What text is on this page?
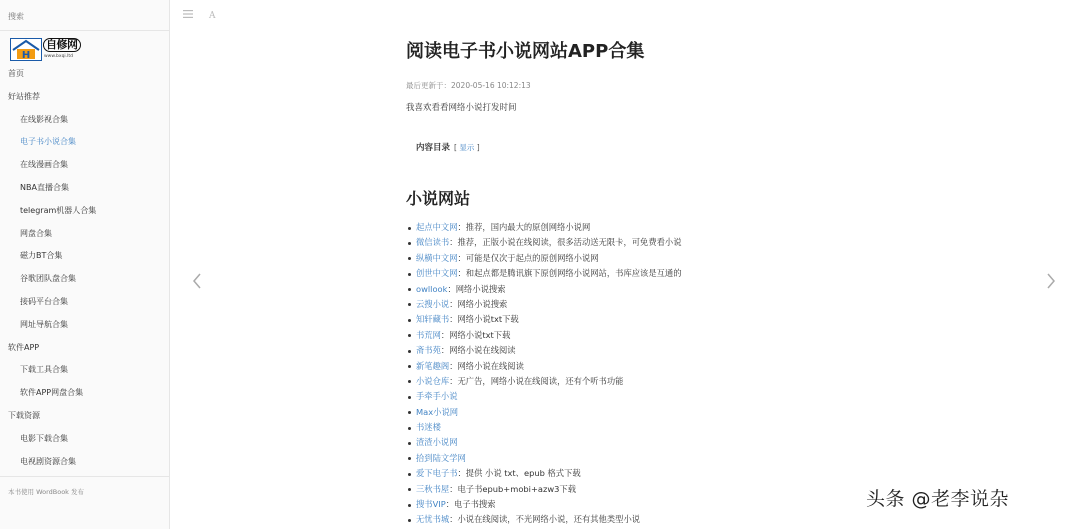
搜索
H
自修网
www.bxqi.ltd
首页
好站推荐
在线影视合集
电子书小说合集
在线漫画合集
NBA直播合集
telegram机器人合集
网盘合集
磁力BT合集
谷歌团队盘合集
接码平台合集
网址导航合集
软件APP
下载工具合集
软件APP网盘合集
下载资源
电影下载合集
电视剧资源合集
本书使用 WordBook 发布
A
阅读电子书小说网站APP合集
最后更新于：2020-05-16 10:12:13
我喜欢看看网络小说打发时间
内容目录 [ 显示 ]
小说网站
起点中文网：推荐，国内最大的原创网络小说网
微信读书：推荐，正版小说在线阅读，很多活动送无限卡，可免费看小说
纵横中文网：可能是仅次于起点的原创网络小说网
创世中文网：和起点都是腾讯旗下原创网络小说网站，书库应该是互通的
owllook：网络小说搜索
云搜小说：网络小说搜索
知轩藏书：网络小说txt下载
书荒网：网络小说txt下载
斋书苑：网络小说在线阅读
新笔趣阁：网络小说在线阅读
小说仓库：无广告，网络小说在线阅读，还有个听书功能
手牵手小说
Max小说网
书迷楼
渣渣小说网
拾到陆文学网
爱下电子书：提供 小说 txt、epub 格式下载
三秋书屋：电子书epub+mobi+azw3下载
搜书VIP：电子书搜索
无忧书城：小说在线阅读，不光网络小说，还有其他类型小说
头条 @老李说杂
